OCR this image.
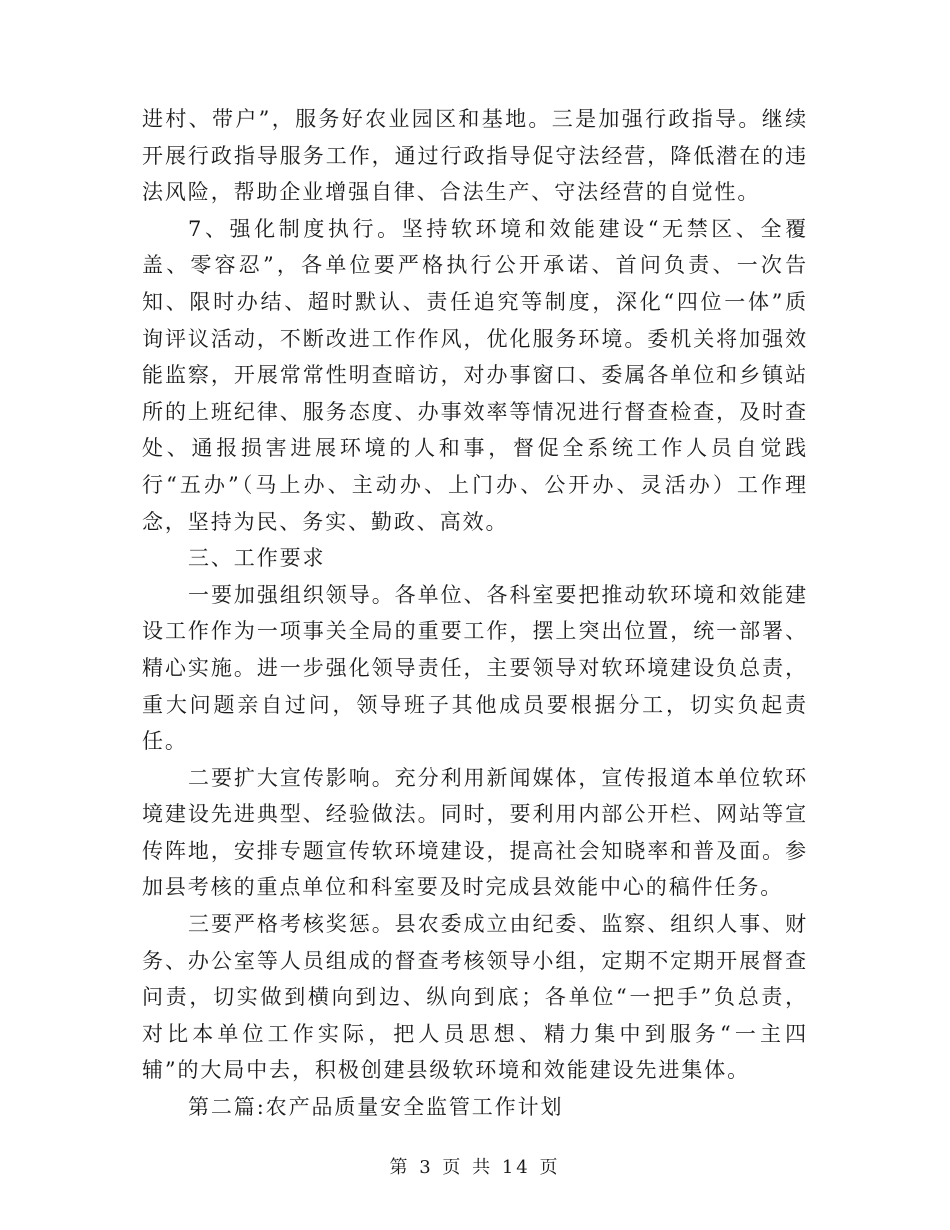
进村、带户”，服务好农业园区和基地。三是加强行政指导。继续开展行政指导服务工作，通过行政指导促守法经营，降低潜在的违法风险，帮助企业增强自律、合法生产、守法经营的自觉性。

7、强化制度执行。坚持软环境和效能建设“无禁区、全覆盖、零容忍”，各单位要严格执行公开承诺、首问负责、一次告知、限时办结、超时默认、责任追究等制度，深化“四位一体”质询评议活动，不断改进工作作风，优化服务环境。委机关将加强效能监察，开展常常性明查暗访，对办事窗口、委属各单位和乡镇站所的上班纪律、服务态度、办事效率等情况进行督查检查，及时查处、通报损害进展环境的人和事，督促全系统工作人员自觉践行“五办”（马上办、主动办、上门办、公开办、灵活办）工作理念，坚持为民、务实、勤政、高效。

三、工作要求

一要加强组织领导。各单位、各科室要把推动软环境和效能建设工作作为一项事关全局的重要工作，摆上突出位置，统一部署、精心实施。进一步强化领导责任，主要领导对软环境建设负总责，重大问题亲自过问，领导班子其他成员要根据分工，切实负起责任。

二要扩大宣传影响。充分利用新闻媒体，宣传报道本单位软环境建设先进典型、经验做法。同时，要利用内部公开栏、网站等宣传阵地，安排专题宣传软环境建设，提高社会知晓率和普及面。参加县考核的重点单位和科室要及时完成县效能中心的稿件任务。

三要严格考核奖惩。县农委成立由纪委、监察、组织人事、财务、办公室等人员组成的督查考核领导小组，定期不定期开展督查问责，切实做到横向到边、纵向到底；各单位“一把手”负总责，对比本单位工作实际，把人员思想、精力集中到服务“一主四辅”的大局中去，积极创建县级软环境和效能建设先进集体。

第二篇:农产品质量安全监管工作计划

第 3 页 共 14 页
